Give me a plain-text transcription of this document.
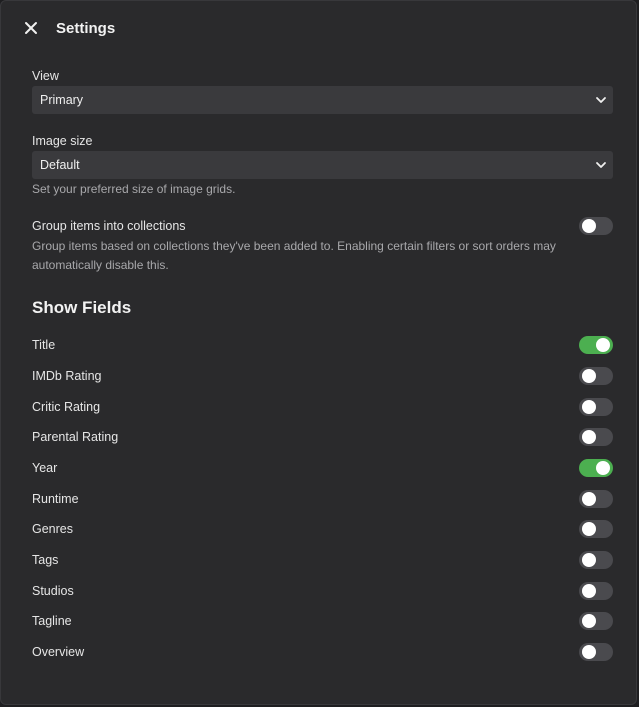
Settings
View
Primary
Image size
Default
Set your preferred size of image grids.
Group items into collections
Group items based on collections they've been added to. Enabling certain filters or sort orders may automatically disable this.
Show Fields
Title
IMDb Rating
Critic Rating
Parental Rating
Year
Runtime
Genres
Tags
Studios
Tagline
Overview
